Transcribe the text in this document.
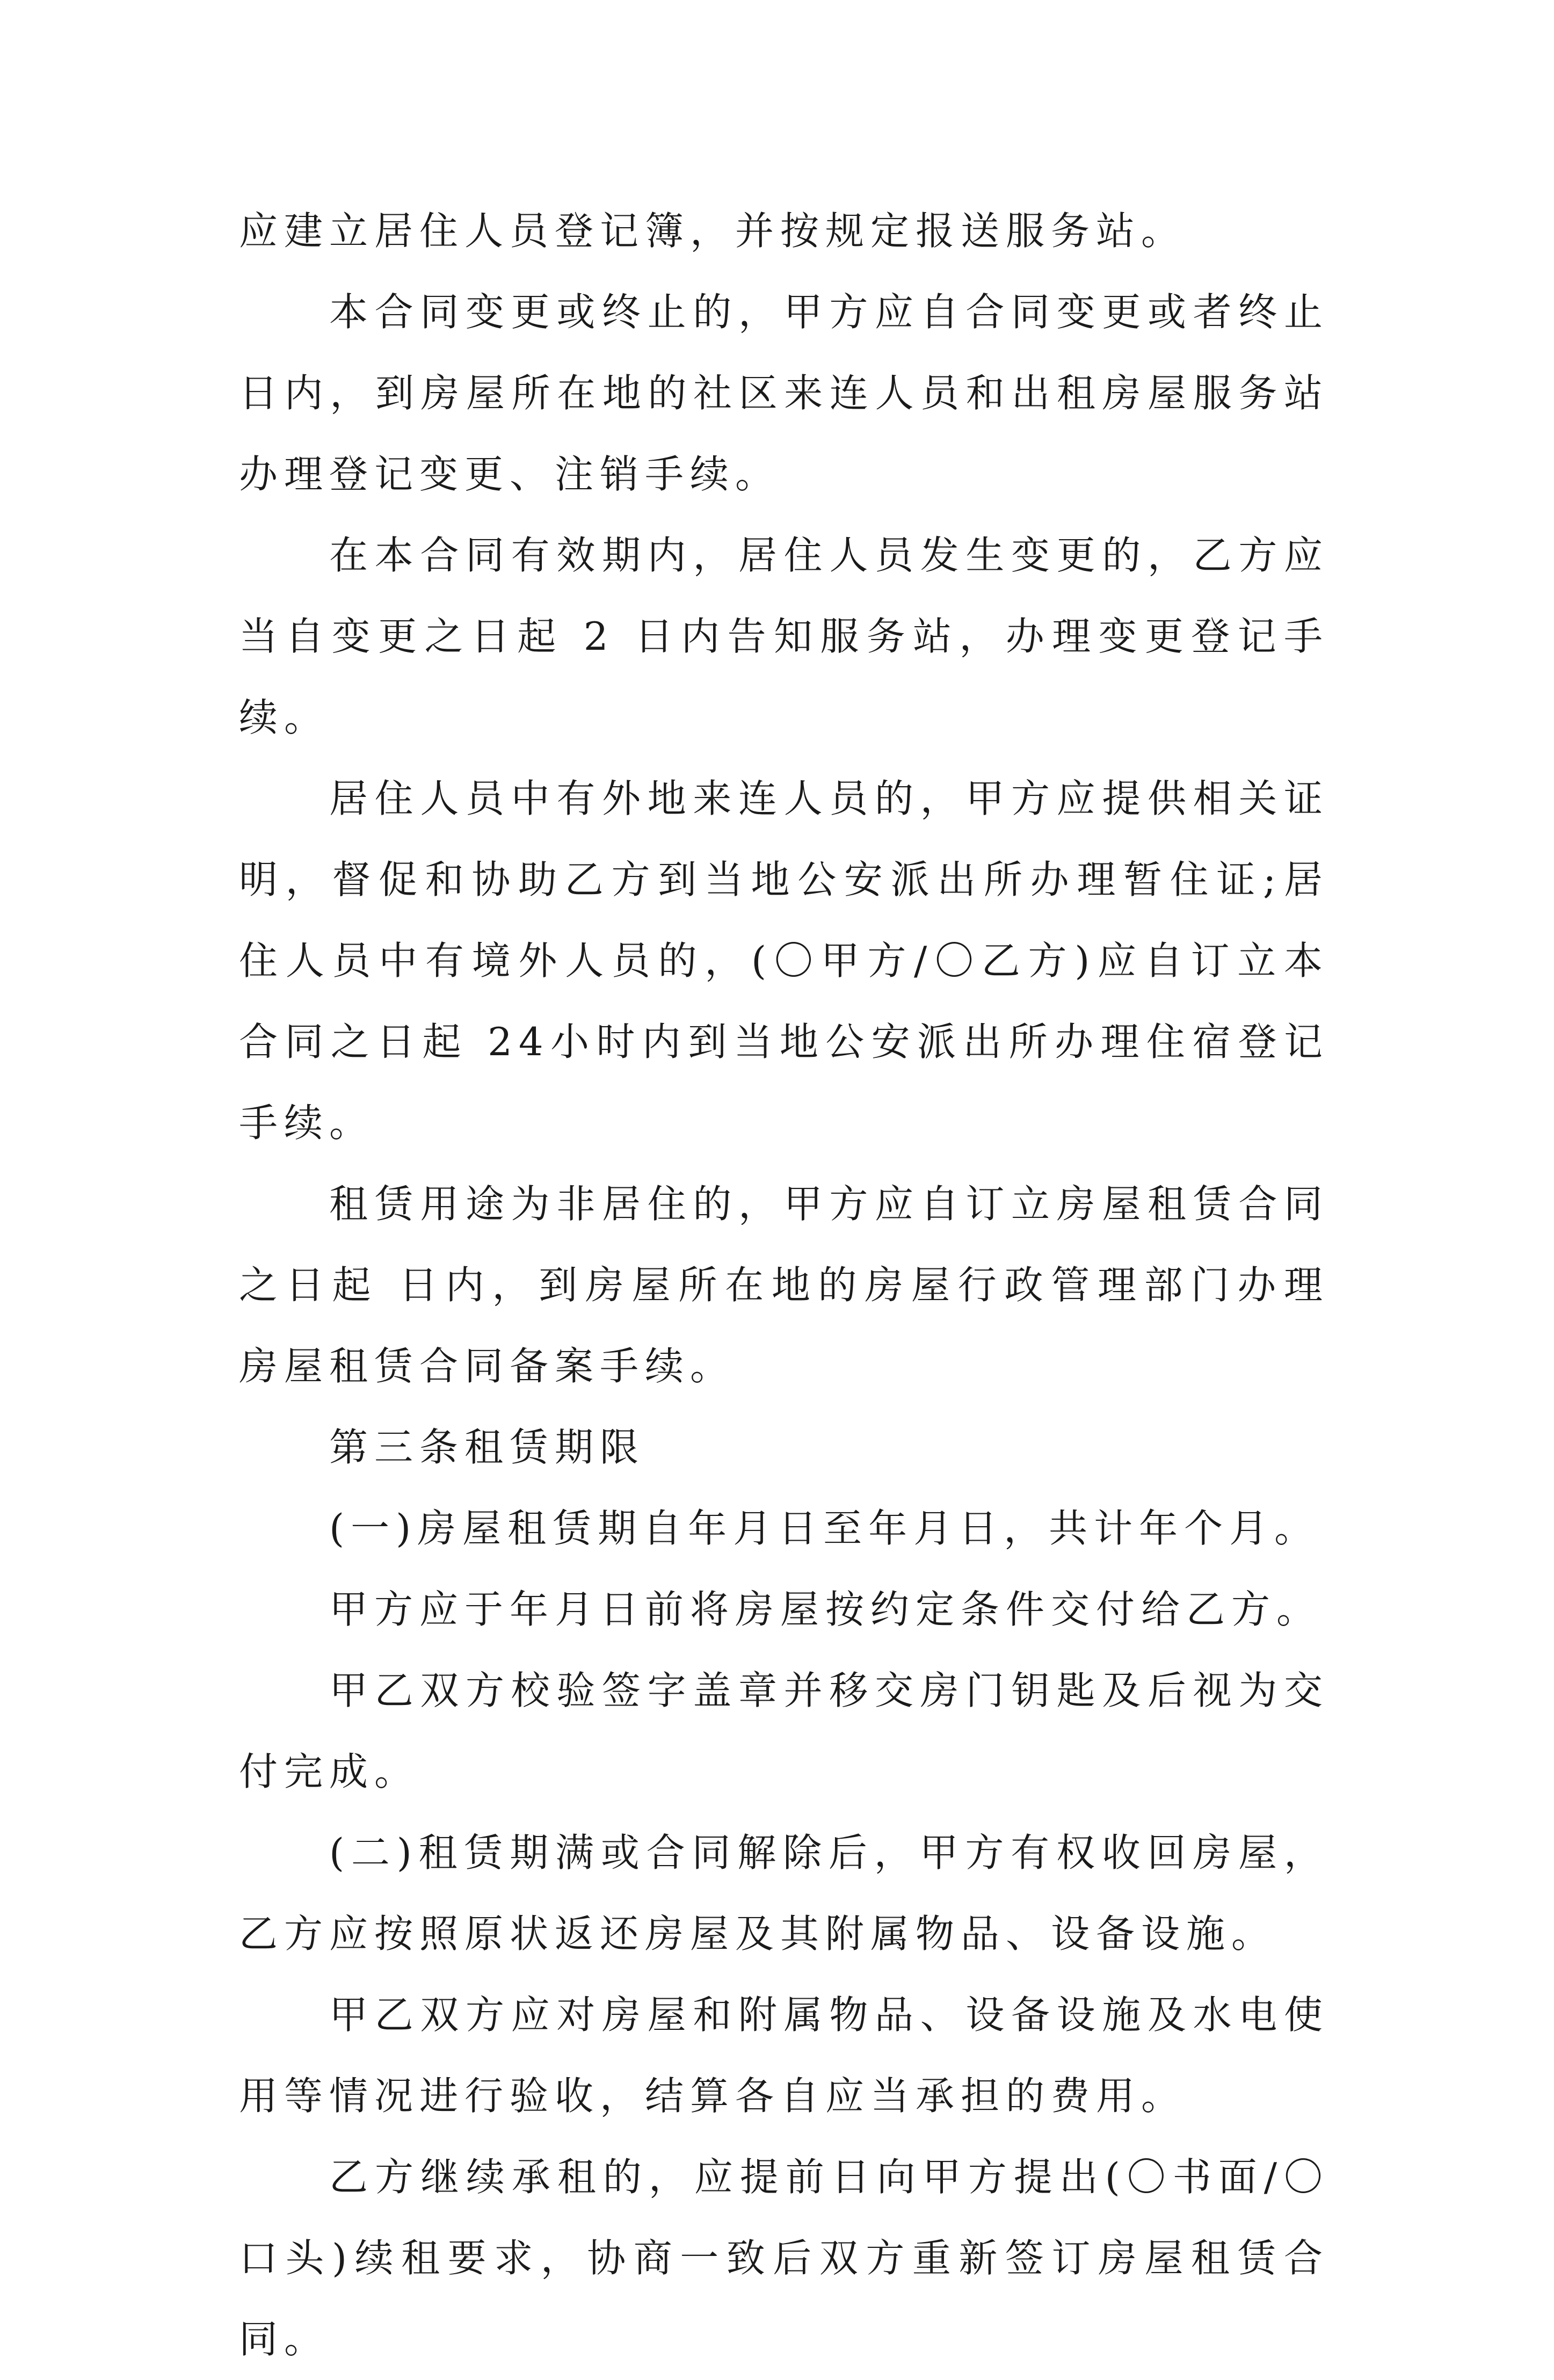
应建立居住人员登记簿，并按规定报送服务站。

本合同变更或终止的，甲方应自合同变更或者终止 日内，到房屋所在地的社区来连人员和出租房屋服务站办理登记变更、注销手续。

在本合同有效期内，居住人员发生变更的，乙方应当自变更之日起 2 日内告知服务站，办理变更登记手续。

居住人员中有外地来连人员的，甲方应提供相关证明，督促和协助乙方到当地公安派出所办理暂住证;居住人员中有境外人员的，(〇甲方/〇乙方)应自订立本合同之日起 24小时内到当地公安派出所办理住宿登记手续。

租赁用途为非居住的，甲方应自订立房屋租赁合同之日起 日内，到房屋所在地的房屋行政管理部门办理房屋租赁合同备案手续。

第三条租赁期限

(一)房屋租赁期自年月日至年月日，共计年个月。

甲方应于年月日前将房屋按约定条件交付给乙方。

甲乙双方校验签字盖章并移交房门钥匙及后视为交付完成。

(二)租赁期满或合同解除后，甲方有权收回房屋，乙方应按照原状返还房屋及其附属物品、设备设施。

甲乙双方应对房屋和附属物品、设备设施及水电使用等情况进行验收，结算各自应当承担的费用。

乙方继续承租的，应提前日向甲方提出(〇书面/〇口头)续租要求，协商一致后双方重新签订房屋租赁合同。
